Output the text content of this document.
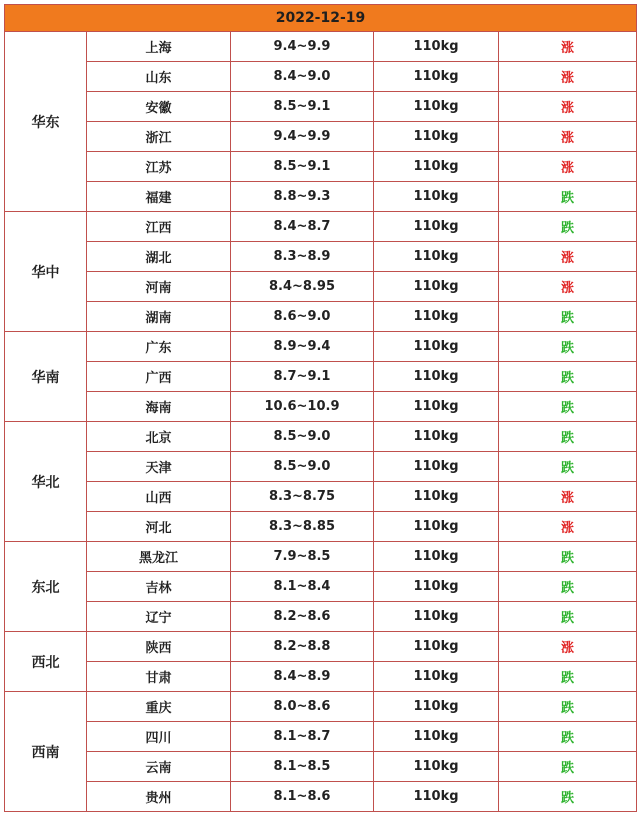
2022-12-19				
华东	上海	9.4~9.9	110kg	涨
	山东	8.4~9.0	110kg	涨
	安徽	8.5~9.1	110kg	涨
	浙江	9.4~9.9	110kg	涨
	江苏	8.5~9.1	110kg	涨
	福建	8.8~9.3	110kg	跌
华中	江西	8.4~8.7	110kg	跌
	湖北	8.3~8.9	110kg	涨
	河南	8.4~8.95	110kg	涨
	湖南	8.6~9.0	110kg	跌
华南	广东	8.9~9.4	110kg	跌
	广西	8.7~9.1	110kg	跌
	海南	10.6~10.9	110kg	跌
华北	北京	8.5~9.0	110kg	跌
	天津	8.5~9.0	110kg	跌
	山西	8.3~8.75	110kg	涨
	河北	8.3~8.85	110kg	涨
东北	黑龙江	7.9~8.5	110kg	跌
	吉林	8.1~8.4	110kg	跌
	辽宁	8.2~8.6	110kg	跌
西北	陕西	8.2~8.8	110kg	涨
	甘肃	8.4~8.9	110kg	跌
西南	重庆	8.0~8.6	110kg	跌
	四川	8.1~8.7	110kg	跌
	云南	8.1~8.5	110kg	跌
	贵州	8.1~8.6	110kg	跌
